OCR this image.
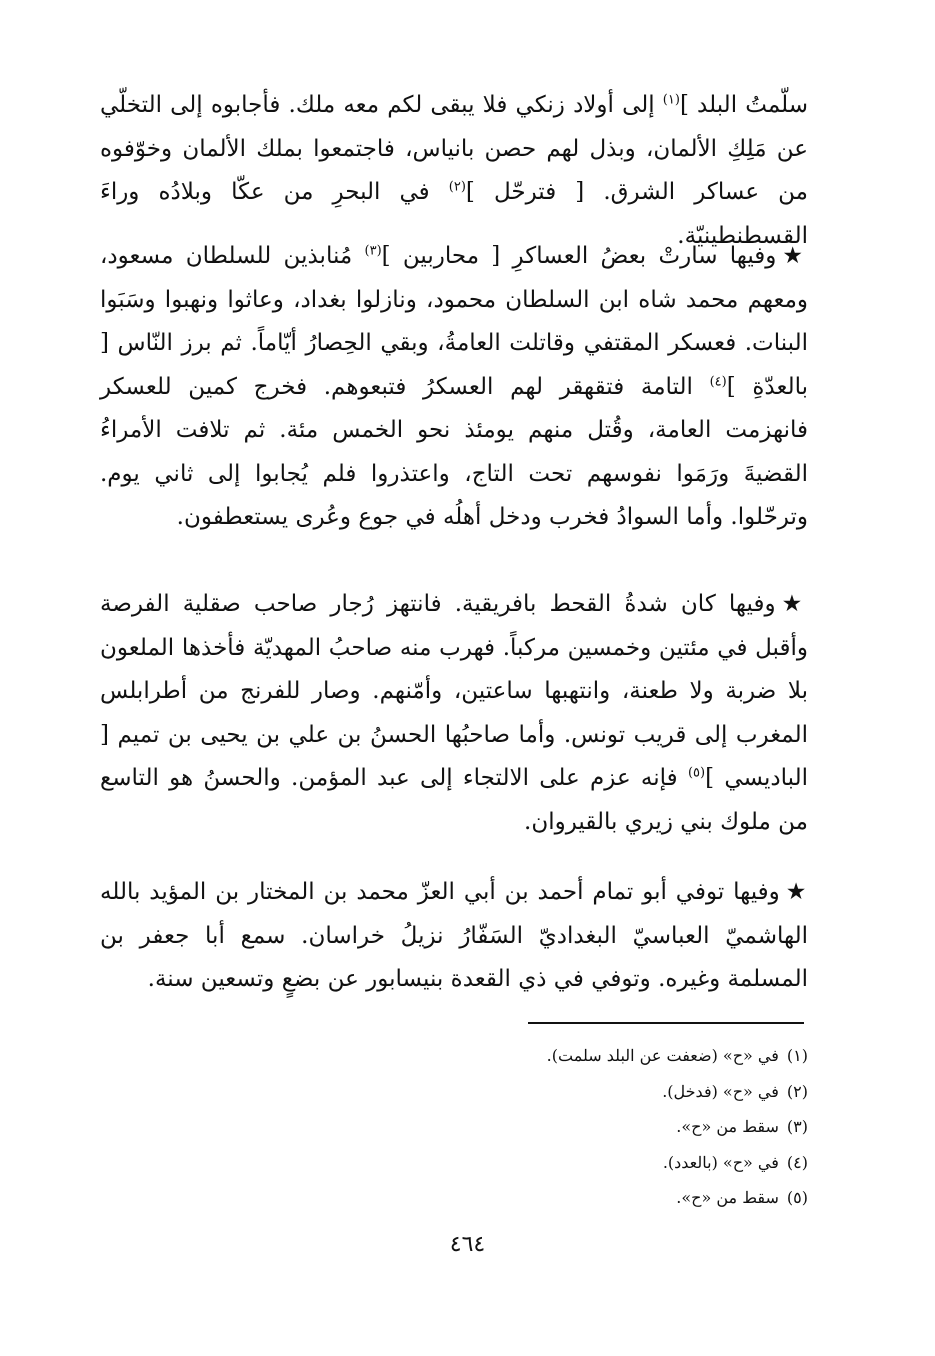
سلّمتُ البلد ]$^{(١)}$ إلى أولاد زنكي فلا يبقى لكم معه ملك. فأجابوه إلى التخلّي عن مَلِكِ الألمان، وبذل لهم حصن بانياس، فاجتمعوا بملك الألمان وخوّفوه من عساكر الشرق. [ فترحّل ]$^{(٢)}$ في البحرِ من عكّا وبلادُه وراءَ القسطنطينيّة.

★وفيها سارتْ بعضُ العساكرِ [ محاربين ]$^{(٣)}$ مُنابذين للسلطان مسعود، ومعهم محمد شاه ابن السلطان محمود، ونازلوا بغداد، وعاثوا ونهبوا وسَبَوا البنات. فعسكر المقتفي وقاتلت العامةُ، وبقي الحِصارُ أيّاماً. ثم برز النّاس [ بالعدّةِ ]$^{(٤)}$ التامة فتقهقر لهم العسكرُ فتبعوهم. فخرج كمين للعسكر فانهزمت العامة، وقُتل منهم يومئذ نحو الخمس مئة. ثم تلافت الأمراءُ القضيةَ ورَمَوا نفوسهم تحت التاج، واعتذروا فلم يُجابوا إلى ثاني يوم. وترحّلوا. وأما السوادُ فخرب ودخل أهلُه في جوع وعُرى يستعطفون.

★وفيها كان شدةُ القحط بافريقية. فانتهز رُجار صاحب صقلية الفرصة وأقبل في مئتين وخمسين مركباً. فهرب منه صاحبُ المهديّة فأخذها الملعون بلا ضربة ولا طعنة، وانتهبها ساعتين، وأمّنهم. وصار للفرنج من أطرابلس المغرب إلى قريب تونس. وأما صاحبُها الحسنُ بن علي بن يحيى بن تميم [ الباديسي ]$^{(٥)}$ فإنه عزم على الالتجاء إلى عبد المؤمن. والحسنُ هو التاسع من ملوك بني زيري بالقيروان.

★وفيها توفي أبو تمام أحمد بن أبي العزّ محمد بن المختار بن المؤيد بالله الهاشميّ العباسيّ البغداديّ السَفّارُ نزيلُ خراسان. سمع أبا جعفر بن المسلمة وغيره. وتوفي في ذي القعدة بنيسابور عن بضعٍ وتسعين سنة.

(١)في «ح» (ضعفت عن البلد سلمت).
(٢)في «ح» (فدخل).
(٣)سقط من «ح».
(٤)في «ح» (بالعدد).
(٥)سقط من «ح».
٤٦٤
